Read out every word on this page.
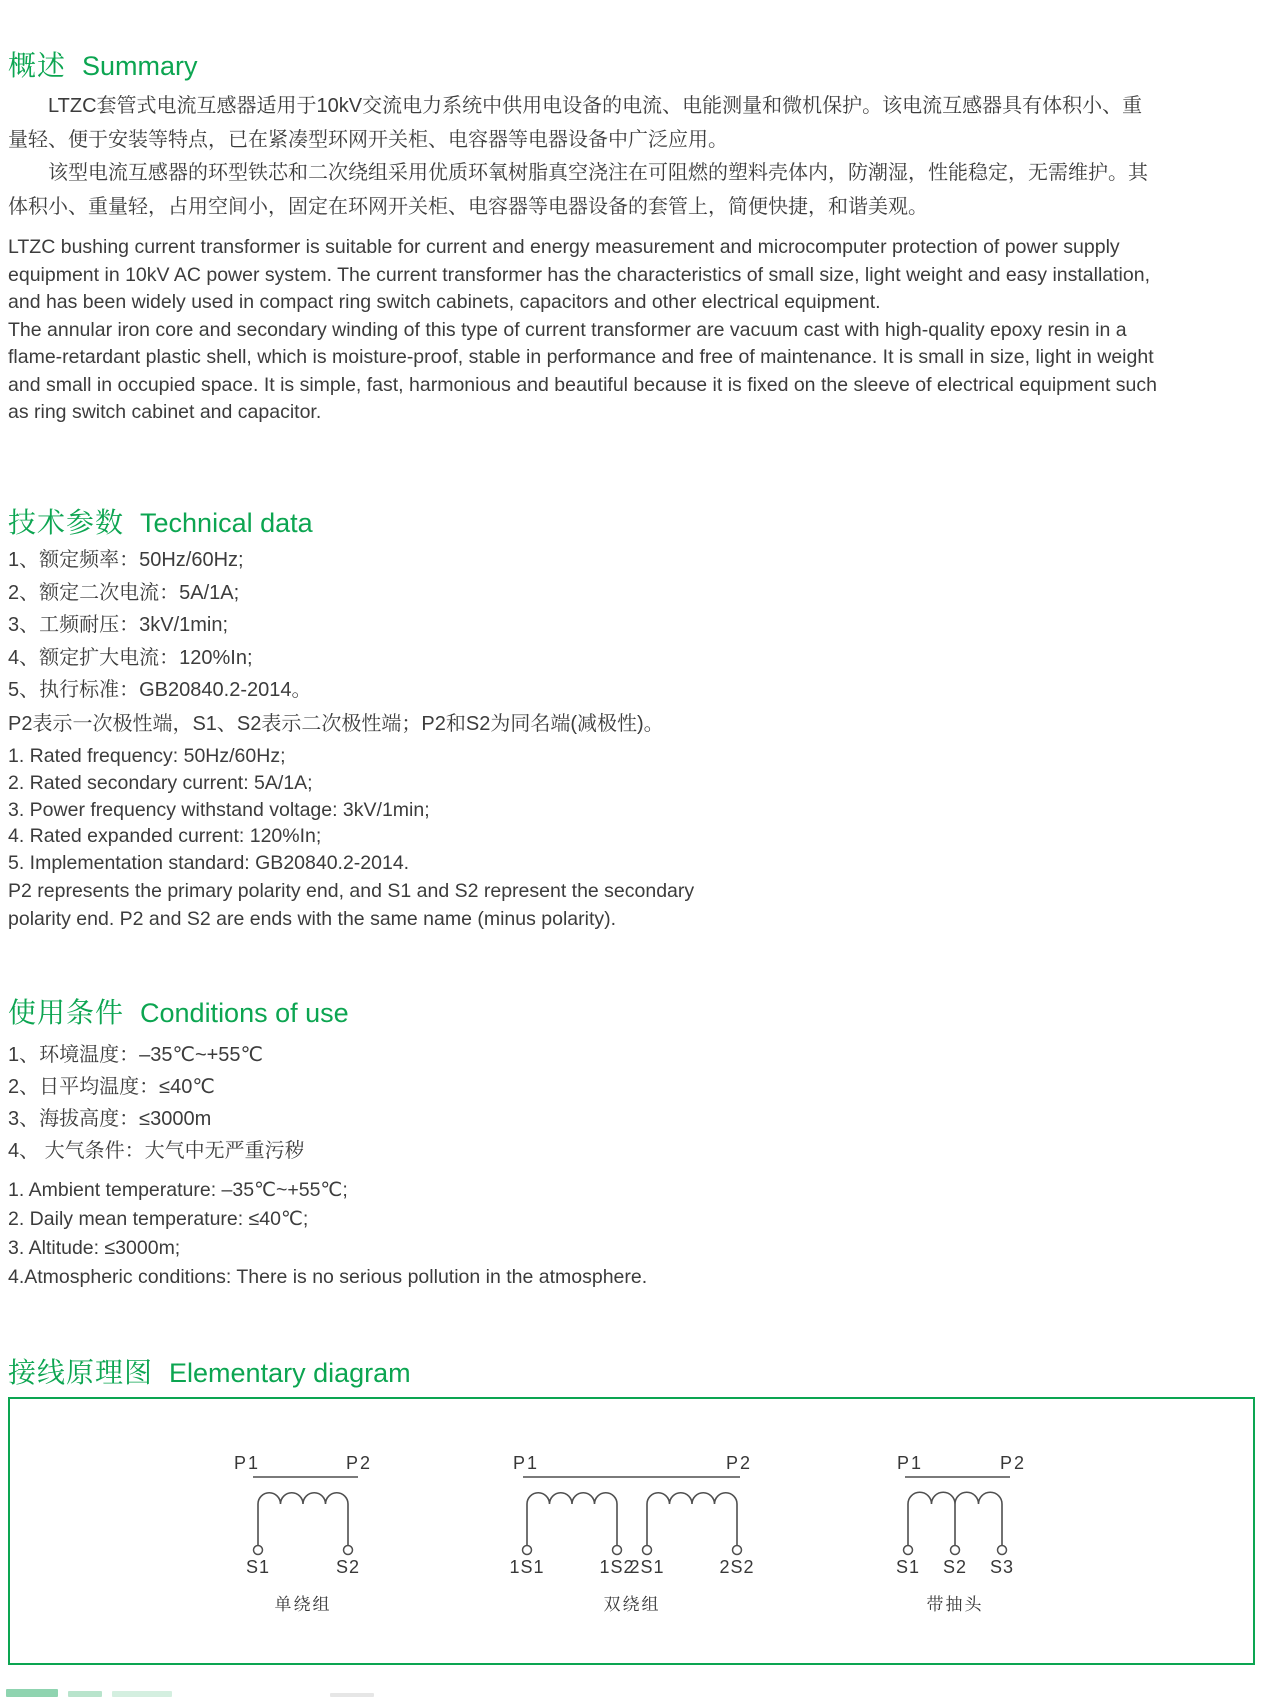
概述 Summary

LTZC套管式电流互感器适用于10kV交流电力系统中供用电设备的电流、电能测量和微机保护。该电流互感器具有体积小、重量轻、便于安装等特点，已在紧凑型环网开关柜、电容器等电器设备中广泛应用。

该型电流互感器的环型铁芯和二次绕组采用优质环氧树脂真空浇注在可阻燃的塑料壳体内，防潮湿，性能稳定，无需维护。其体积小、重量轻，占用空间小，固定在环网开关柜、电容器等电器设备的套管上，简便快捷，和谐美观。

LTZC bushing current transformer is suitable for current and energy measurement and microcomputer protection of power supply equipment in 10kV AC power system. The current transformer has the characteristics of small size, light weight and easy installation, and has been widely used in compact ring switch cabinets, capacitors and other electrical equipment.

The annular iron core and secondary winding of this type of current transformer are vacuum cast with high-quality epoxy resin in a flame-retardant plastic shell, which is moisture-proof, stable in performance and free of maintenance. It is small in size, light in weight and small in occupied space. It is simple, fast, harmonious and beautiful because it is fixed on the sleeve of electrical equipment such as ring switch cabinet and capacitor.

技术参数 Technical data
1、额定频率：50Hz/60Hz;
2、额定二次电流：5A/1A;
3、工频耐压：3kV/1min;
4、额定扩大电流：120%In;
5、执行标准：GB20840.2-2014。
P2表示一次极性端，S1、S2表示二次极性端；P2和S2为同名端(减极性)。
1. Rated frequency: 50Hz/60Hz;
2. Rated secondary current: 5A/1A;
3. Power frequency withstand voltage: 3kV/1min;
4. Rated expanded current: 120%In;
5. Implementation standard: GB20840.2-2014.
P2 represents the primary polarity end, and S1 and S2 represent the secondary
polarity end. P2 and S2 are ends with the same name (minus polarity).
使用条件 Conditions of use
1、环境温度：–35℃~+55℃
2、日平均温度：≤40℃
3、海拔高度：≤3000m
4、 大气条件：大气中无严重污秽
1. Ambient temperature: –35℃~+55℃;
2. Daily mean temperature: ≤40℃;
3. Altitude: ≤3000m;
4.Atmospheric conditions: There is no serious pollution in the atmosphere.
接线原理图 Elementary diagram
P1	P2
S1	S2
单绕组
P1	P2
1S1	1S2
2S1	2S2
双绕组
P1	P2
S1	S2	S3
带抽头
